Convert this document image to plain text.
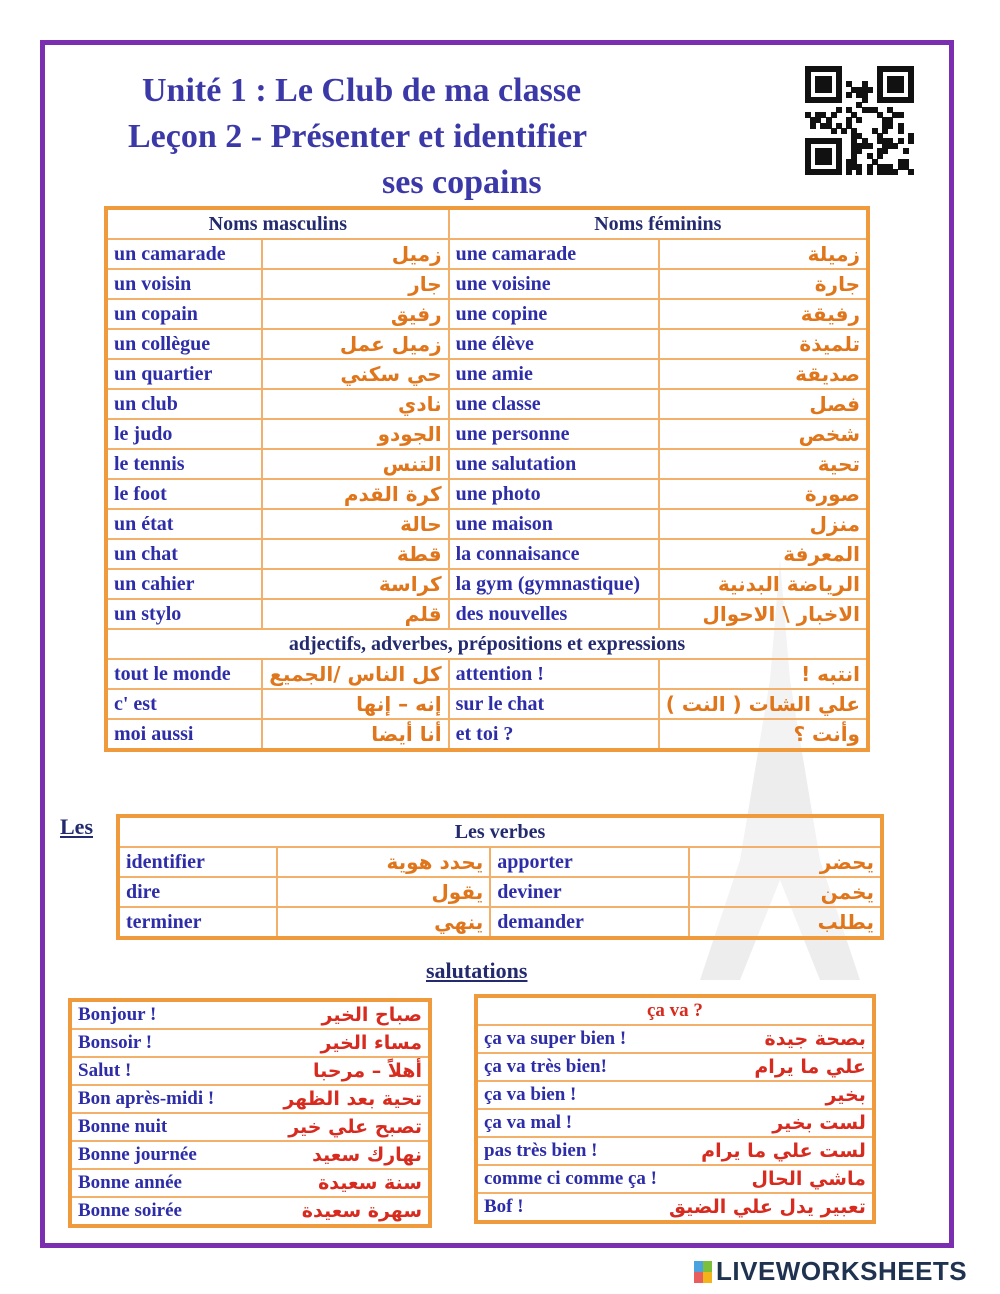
Unité 1 : Le Club de ma classe
Leçon 2 - Présenter et identifier
ses copains
Noms masculins		Noms féminins	
un camarade	زميل	une camarade	زميلة
un voisin	جار	une voisine	جارة
un copain	رفيق	une copine	رفيقة
un collègue	زميل عمل	une élève	تلميذة
un quartier	حي سكني	une amie	صديقة
un club	نادي	une classe	فصل
le judo	الجودو	une personne	شخص
le tennis	التنس	une salutation	تحية
le foot	كرة القدم	une photo	صورة
un état	حالة	une maison	منزل
un chat	قطة	la connaisance	المعرفة
un cahier	كراسة	la gym (gymnastique)	الرياضة البدنية
un stylo	قلم	des nouvelles	الاخبار \ الاحوال
adjectifs, adverbes, prépositions et expressions			
tout le monde	كل الناس /الجميع	attention !	انتبه !
c' est	إنه – إنها	sur le chat	علي الشات ( النت )
moi aussi	أنا أيضا	et toi ?	وأنت ؟
Les	Les verbes			
identifier	يحدد هوية	apporter	يحضر
dire	يقول	deviner	يخمن
terminer	ينهي	demander	يطلب
salutations
Bonjour !	صباح الخير
Bonsoir !	مساء الخير
Salut !	أهلاً – مرحبا
Bon après-midi !	تحية بعد الظهر
Bonne nuit	تصبح علي خير
Bonne journée	نهارك سعيد
Bonne année	سنة سعيدة
Bonne soirée	سهرة سعيدة
ça va ?	
ça va super bien !	بصحة جيدة
ça va très bien!	علي ما يرام
ça va bien !	بخير
ça va mal !	لست بخير
pas très bien !	لست علي ما يرام
comme ci comme ça !	ماشي الحال
Bof !	تعبير يدل علي الضيق
LIVEWORKSHEETS
